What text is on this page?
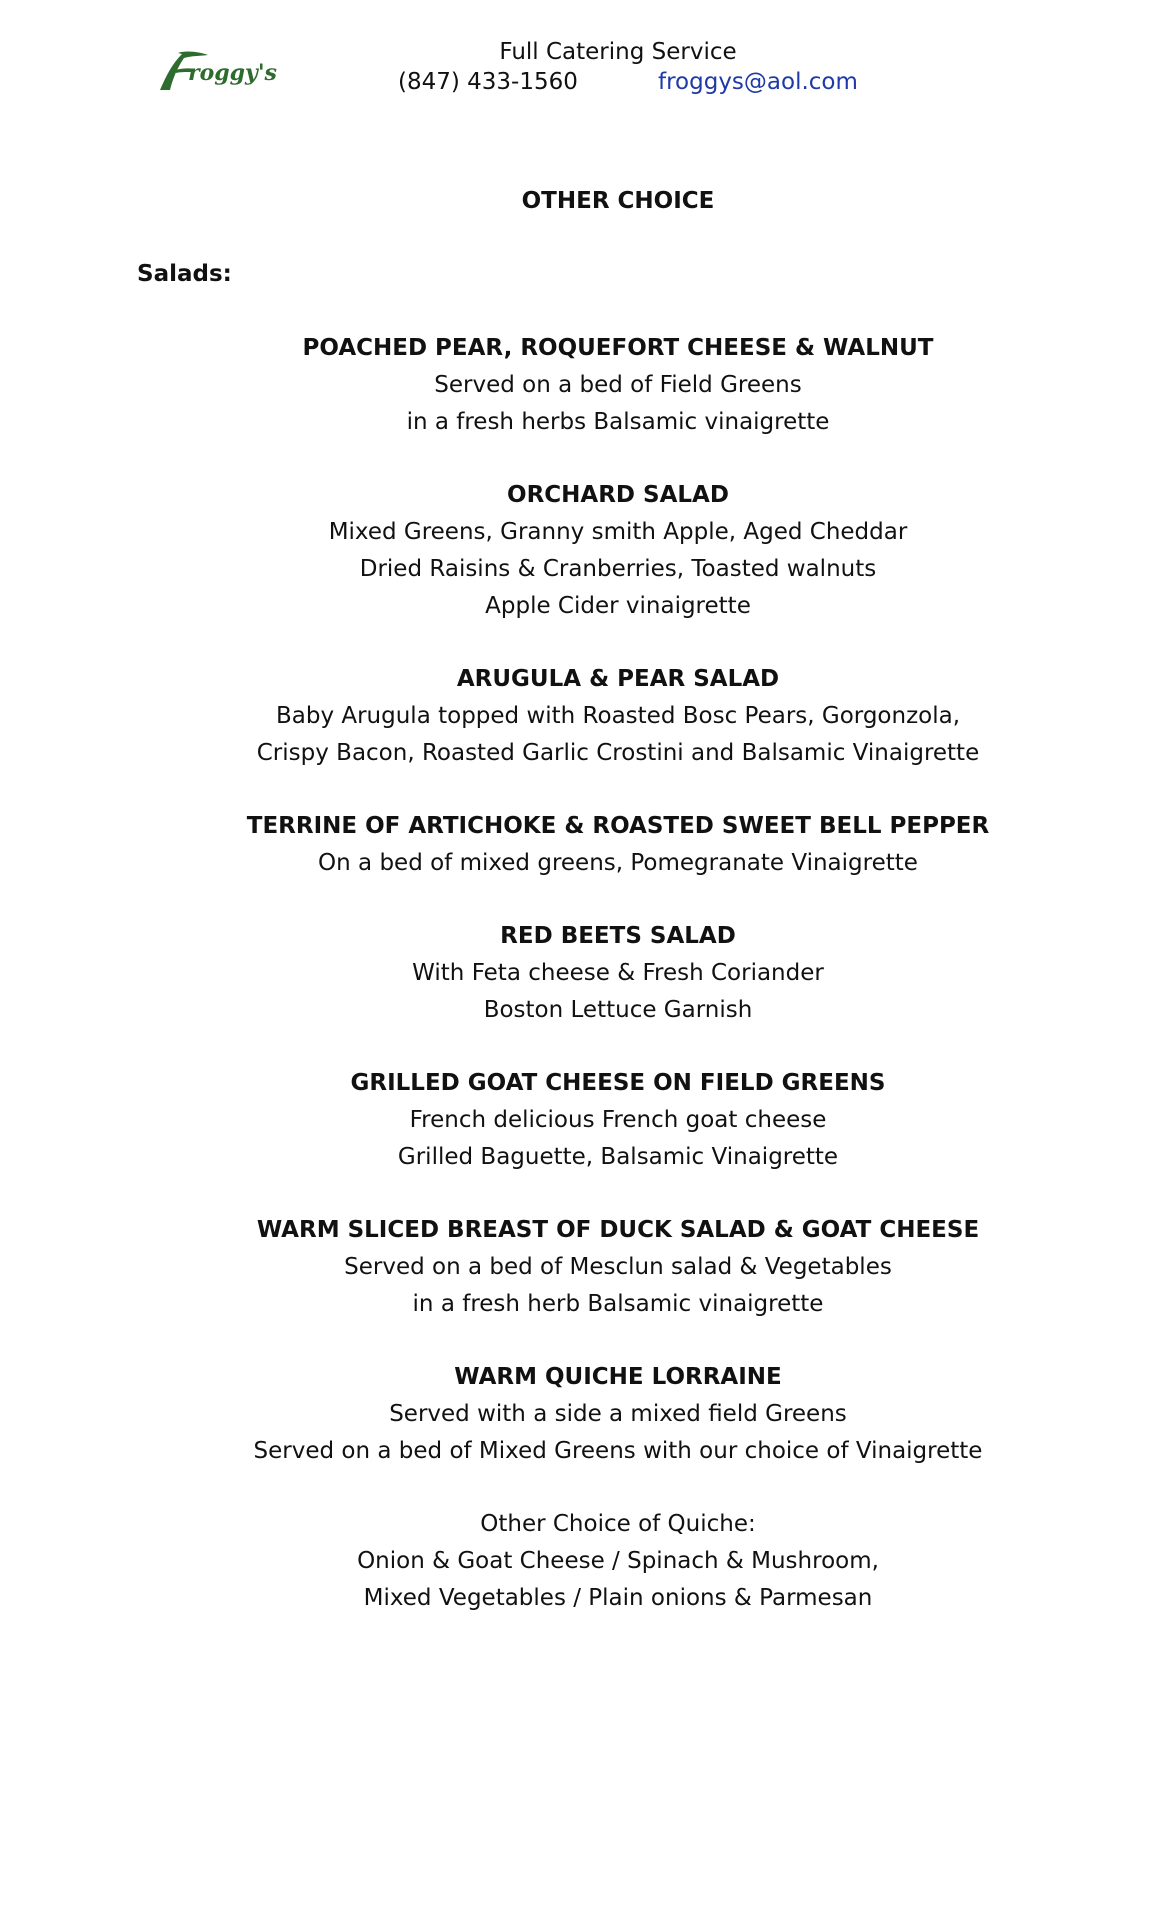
roggy's
Full Catering Service
(847) 433-1560	froggys@aol.com
OTHER CHOICE
Salads:
POACHED PEAR, ROQUEFORT CHEESE & WALNUT
Served on a bed of Field Greens
in a fresh herbs Balsamic vinaigrette
ORCHARD SALAD
Mixed Greens, Granny smith Apple, Aged Cheddar
Dried Raisins & Cranberries, Toasted walnuts
Apple Cider vinaigrette
ARUGULA & PEAR SALAD
Baby Arugula topped with Roasted Bosc Pears, Gorgonzola,
Crispy Bacon, Roasted Garlic Crostini and Balsamic Vinaigrette
TERRINE OF ARTICHOKE & ROASTED SWEET BELL PEPPER
On a bed of mixed greens, Pomegranate Vinaigrette
RED BEETS SALAD
With Feta cheese & Fresh Coriander
Boston Lettuce Garnish
GRILLED GOAT CHEESE ON FIELD GREENS
French delicious French goat cheese
Grilled Baguette, Balsamic Vinaigrette
WARM SLICED BREAST OF DUCK SALAD & GOAT CHEESE
Served on a bed of Mesclun salad & Vegetables
in a fresh herb Balsamic vinaigrette
WARM QUICHE LORRAINE
Served with a side a mixed field Greens
Served on a bed of Mixed Greens with our choice of Vinaigrette
Other Choice of Quiche:
Onion & Goat Cheese / Spinach & Mushroom,
Mixed Vegetables / Plain onions & Parmesan
